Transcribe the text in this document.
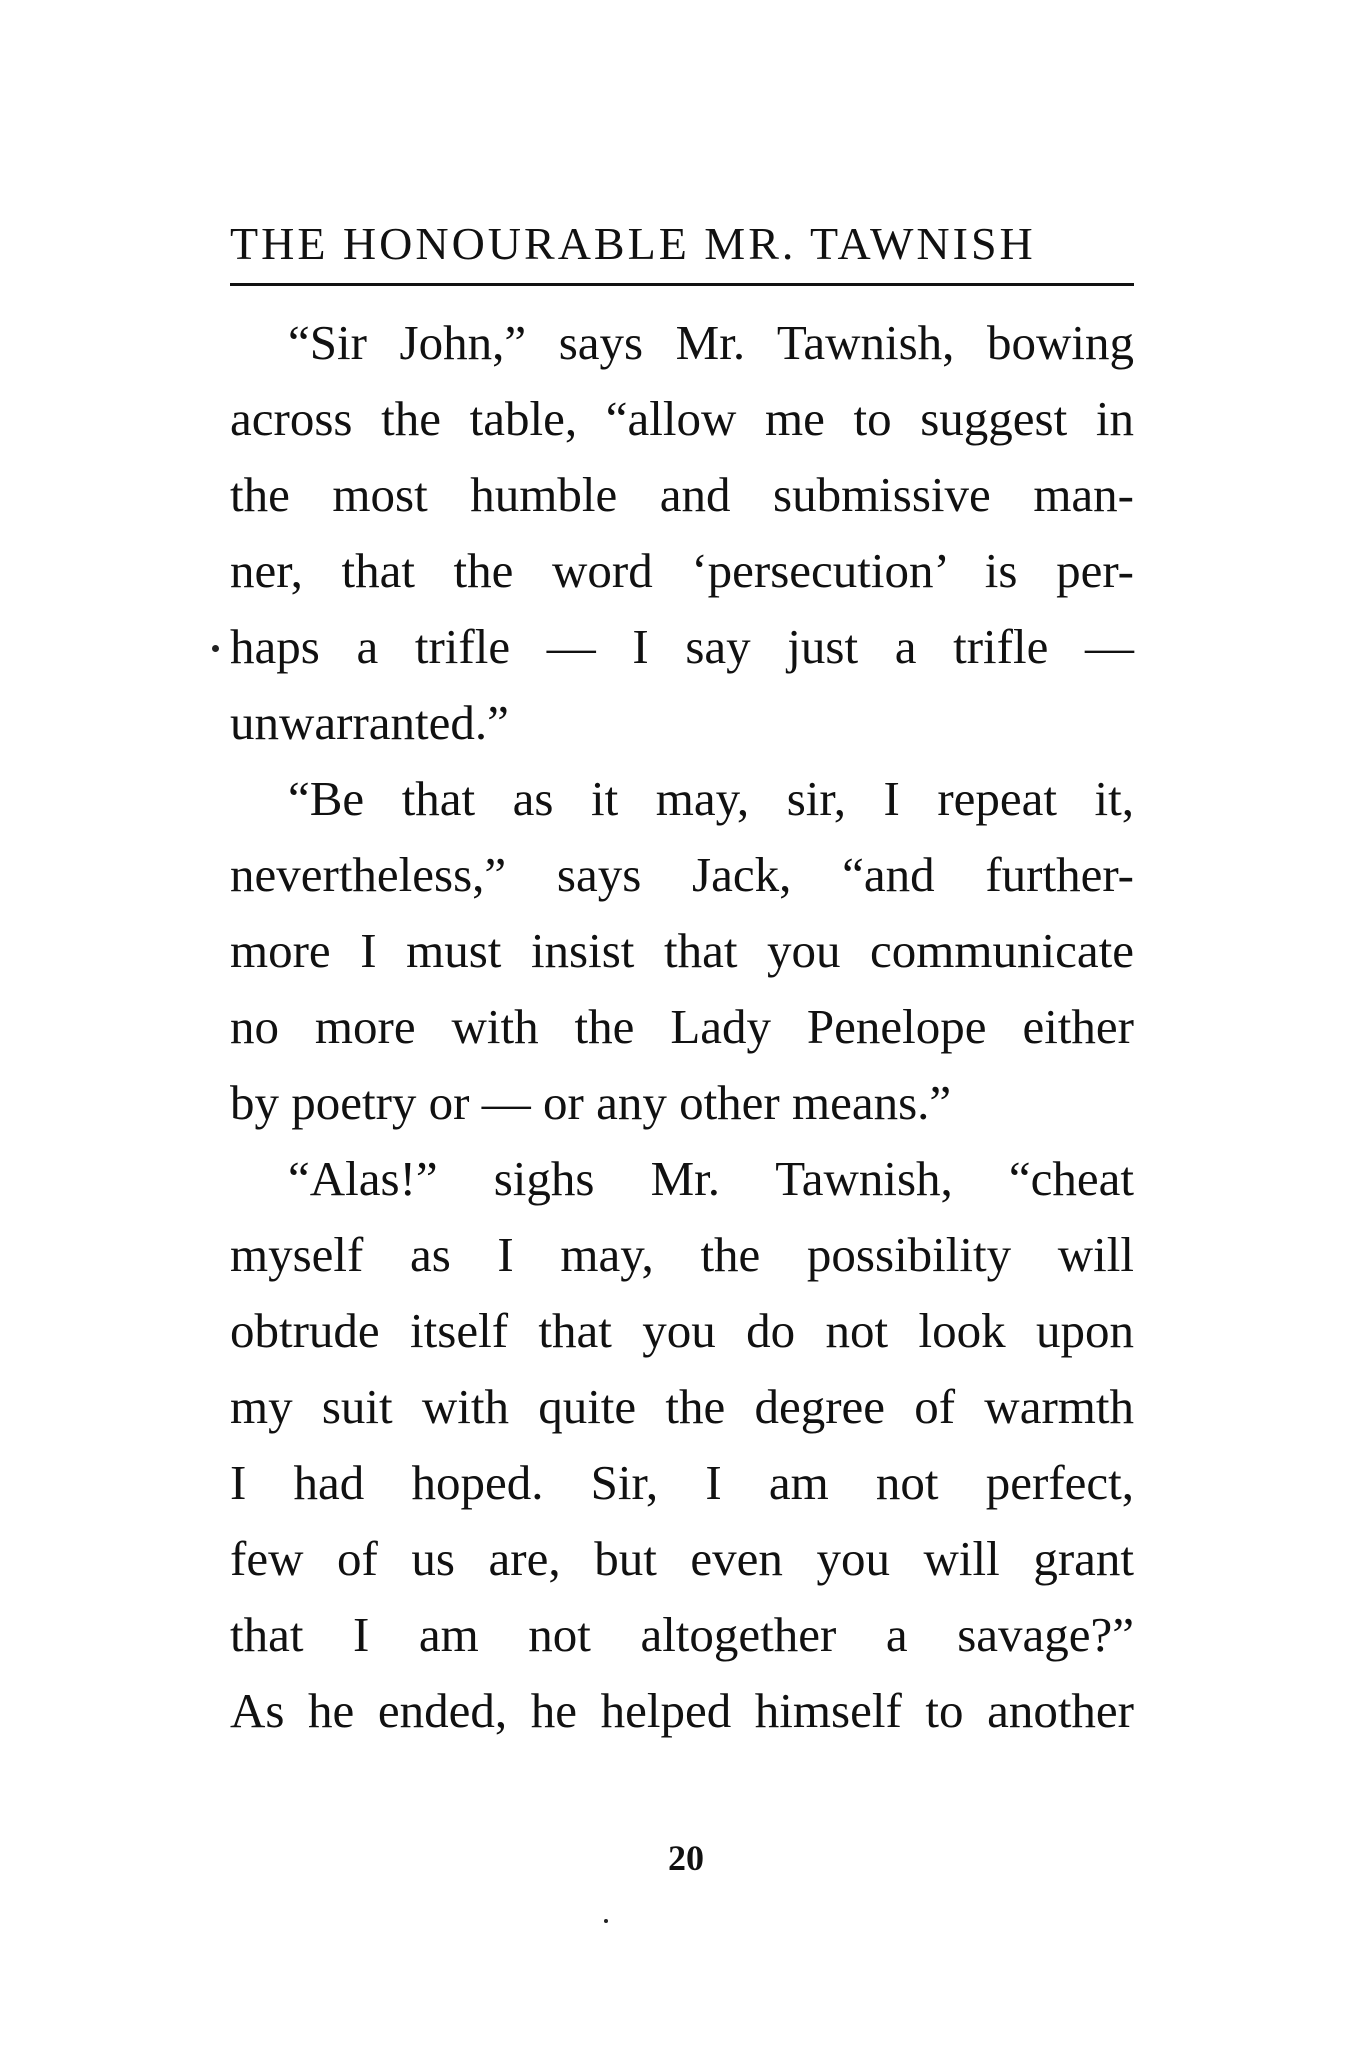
THE HONOURABLE MR. TAWNISH
“Sir John,” says Mr. Tawnish, bowing
across the table, “allow me to suggest in
the most humble and submissive man-
ner, that the word ‘persecution’ is per-
haps a trifle — I say just a trifle —
unwarranted.”
“Be that as it may, sir, I repeat it,
nevertheless,” says Jack, “and further-
more I must insist that you communicate
no more with the Lady Penelope either
by poetry or — or any other means.”
“Alas!” sighs Mr. Tawnish, “cheat
myself as I may, the possibility will
obtrude itself that you do not look upon
my suit with quite the degree of warmth
I had hoped. Sir, I am not perfect,
few of us are, but even you will grant
that I am not altogether a savage?”
As he ended, he helped himself to another
20
